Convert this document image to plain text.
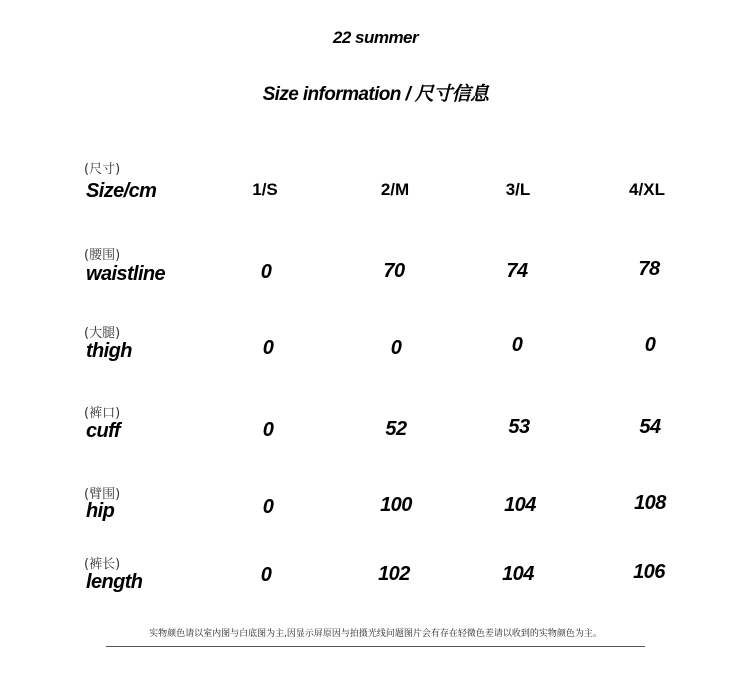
22 summer
Size information / 尺寸信息
(尺寸)
Size/cm	1/S	2/M	3/L	4/XL
(腰围)
waistline	0	70	74	78
(大腿)
thigh	0	0	0	0
(裤口)
cuff	0	52	53	54
(臂围)
hip	0	100	104	108
(裤长)
length	0	102	104	106
实物颜色请以室内图与白底图为主,因显示屏原因与拍摄光线问题图片会有存在轻微色差请以收到的实物颜色为主。
